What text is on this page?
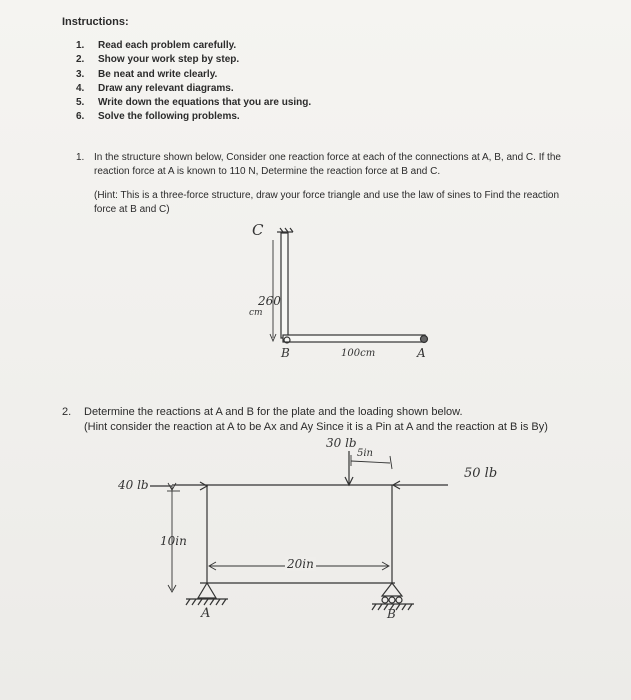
Instructions:
1. Read each problem carefully.
2. Show your work step by step.
3. Be neat and write clearly.
4. Draw any relevant diagrams.
5. Write down the equations that you are using.
6. Solve the following problems.
1. In the structure shown below, Consider one reaction force at each of the connections at A, B, and C. If the reaction force at A is known to 110 N, Determine the reaction force at B and C.
(Hint: This is a three-force structure, draw your force triangle and use the law of sines to Find the reaction force at B and C)
C
260
cm
B	100cm	A
2. Determine the reactions at A and B for the plate and the loading shown below.
(Hint consider the reaction at A to be Ax and Ay Since it is a Pin at A and the reaction at B is By)
30 lb
5in
40 lb
50 lb
10in
20in
A	B
